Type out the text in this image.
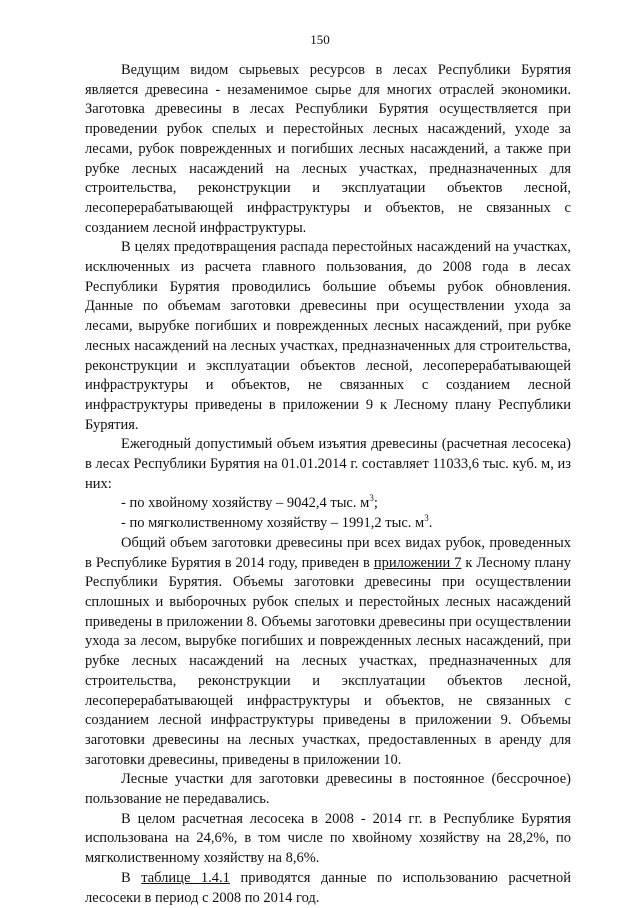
150

Ведущим видом сырьевых ресурсов в лесах Республики Бурятия является древесина - незаменимое сырье для многих отраслей экономики. Заготовка древесины в лесах Республики Бурятия осуществляется при проведении рубок спелых и перестойных лесных насаждений, уходе за лесами, рубок поврежденных и погибших лесных насаждений, а также при рубке лесных насаждений на лесных участках, предназначенных для строительства, реконструкции и эксплуатации объектов лесной, лесоперерабатывающей инфраструктуры и объектов, не связанных с созданием лесной инфраструктуры.

В целях предотвращения распада перестойных насаждений на участках, исключенных из расчета главного пользования, до 2008 года в лесах Республики Бурятия проводились большие объемы рубок обновления. Данные по объемам заготовки древесины при осуществлении ухода за лесами, вырубке погибших и поврежденных лесных насаждений, при рубке лесных насаждений на лесных участках, предназначенных для строительства, реконструкции и эксплуатации объектов лесной, лесоперерабатывающей инфраструктуры и объектов, не связанных с созданием лесной инфраструктуры приведены в приложении 9 к Лесному плану Республики Бурятия.

Ежегодный допустимый объем изъятия древесины (расчетная лесосека) в лесах Республики Бурятия на 01.01.2014 г. составляет 11033,6 тыс. куб. м, из них:

- по хвойному хозяйству – 9042,4 тыс. $м^3$;

- по мягколиственному хозяйству – 1991,2 тыс. $м^3$.

Общий объем заготовки древесины при всех видах рубок, проведенных в Республике Бурятия в 2014 году, приведен в приложении 7 к Лесному плану Республики Бурятия. Объемы заготовки древесины при осуществлении сплошных и выборочных рубок спелых и перестойных лесных насаждений приведены в приложении 8. Объемы заготовки древесины при осуществлении ухода за лесом, вырубке погибших и поврежденных лесных насаждений, при рубке лесных насаждений на лесных участках, предназначенных для строительства, реконструкции и эксплуатации объектов лесной, лесоперерабатывающей инфраструктуры и объектов, не связанных с созданием лесной инфраструктуры приведены в приложении 9. Объемы заготовки древесины на лесных участках, предоставленных в аренду для заготовки древесины, приведены в приложении 10.

Лесные участки для заготовки древесины в постоянное (бессрочное) пользование не передавались.

В целом расчетная лесосека в 2008 - 2014 гг. в Республике Бурятия использована на 24,6%, в том числе по хвойному хозяйству на 28,2%, по мягколиственному хозяйству на 8,6%.

В таблице 1.4.1 приводятся данные по использованию расчетной лесосеки в период с 2008 по 2014 год.
